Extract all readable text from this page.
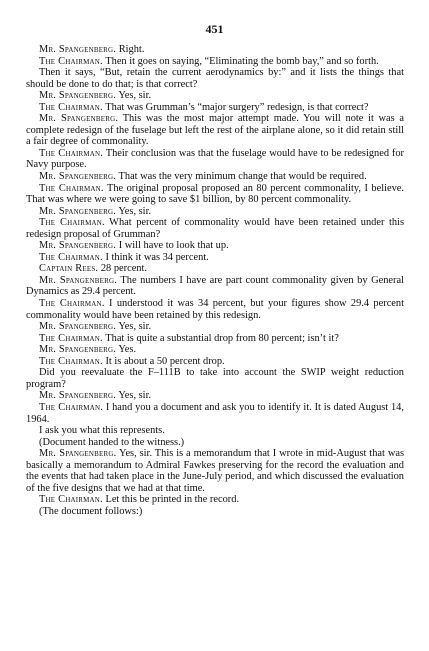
451

Mr. Spangenberg. Right.

The Chairman. Then it goes on saying, “Eliminating the bomb bay,” and so forth.

Then it says, “But, retain the current aerodynamics by:” and it lists the things that should be done to do that; is that correct?

Mr. Spangenberg. Yes, sir.

The Chairman. That was Grumman’s “major surgery” redesign, is that correct?

Mr. Spangenberg. This was the most major attempt made. You will note it was a complete redesign of the fuselage but left the rest of the airplane alone, so it did retain still a fair degree of commonality.

The Chairman. Their conclusion was that the fuselage would have to be redesigned for Navy purpose.

Mr. Spangenberg. That was the very minimum change that would be required.

The Chairman. The original proposal proposed an 80 percent commonality, I believe. That was where we were going to save $1 billion, by 80 percent commonality.

Mr. Spangenberg. Yes, sir.

The Chairman. What percent of commonality would have been retained under this redesign proposal of Grumman?

Mr. Spangenberg. I will have to look that up.

The Chairman. I think it was 34 percent.

Captain Rees. 28 percent.

Mr. Spangenberg. The numbers I have are part count commonality given by General Dynamics as 29.4 percent.

The Chairman. I understood it was 34 percent, but your figures show 29.4 percent commonality would have been retained by this redesign.

Mr. Spangenberg. Yes, sir.

The Chairman. That is quite a substantial drop from 80 percent; isn’t it?

Mr. Spangenberg. Yes.

The Chairman. It is about a 50 percent drop.

Did you reevaluate the F–111B to take into account the SWIP weight reduction program?

Mr. Spangenberg. Yes, sir.

The Chairman. I hand you a document and ask you to identify it. It is dated August 14, 1964.

I ask you what this represents.

(Document handed to the witness.)

Mr. Spangenberg. Yes, sir. This is a memorandum that I wrote in mid-August that was basically a memorandum to Admiral Fawkes preserving for the record the evaluation and the events that had taken place in the June-July period, and which discussed the evaluation of the five designs that we had at that time.

The Chairman. Let this be printed in the record.

(The document follows:)
